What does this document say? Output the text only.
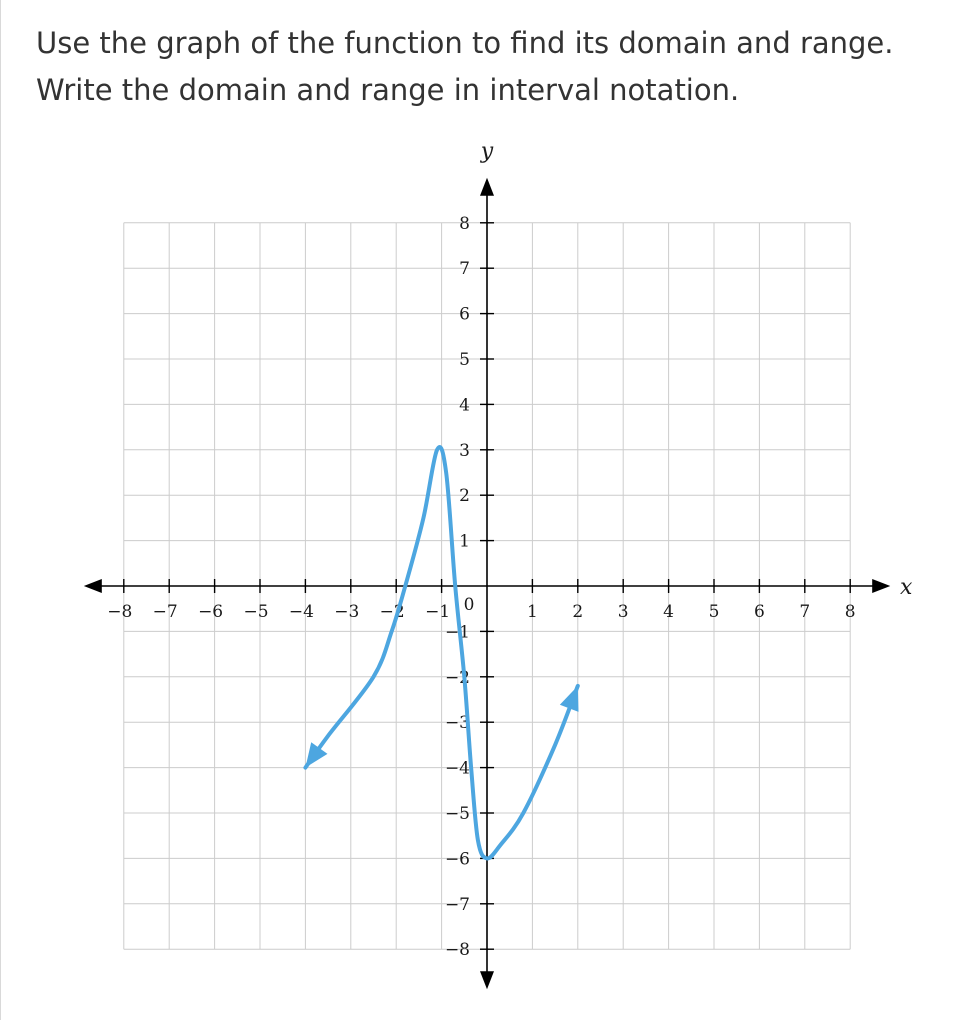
Use the graph of the function to find its domain and range.

Write the domain and range in interval notation.

x
y
−8 −7 −6 −5 −4 −3 −2 −1	1 2 3 4 5 6 7 8
0
−8
−7
−6
−5
−4
−3
−2
−1
1
2
3
4
5
6
7
8
